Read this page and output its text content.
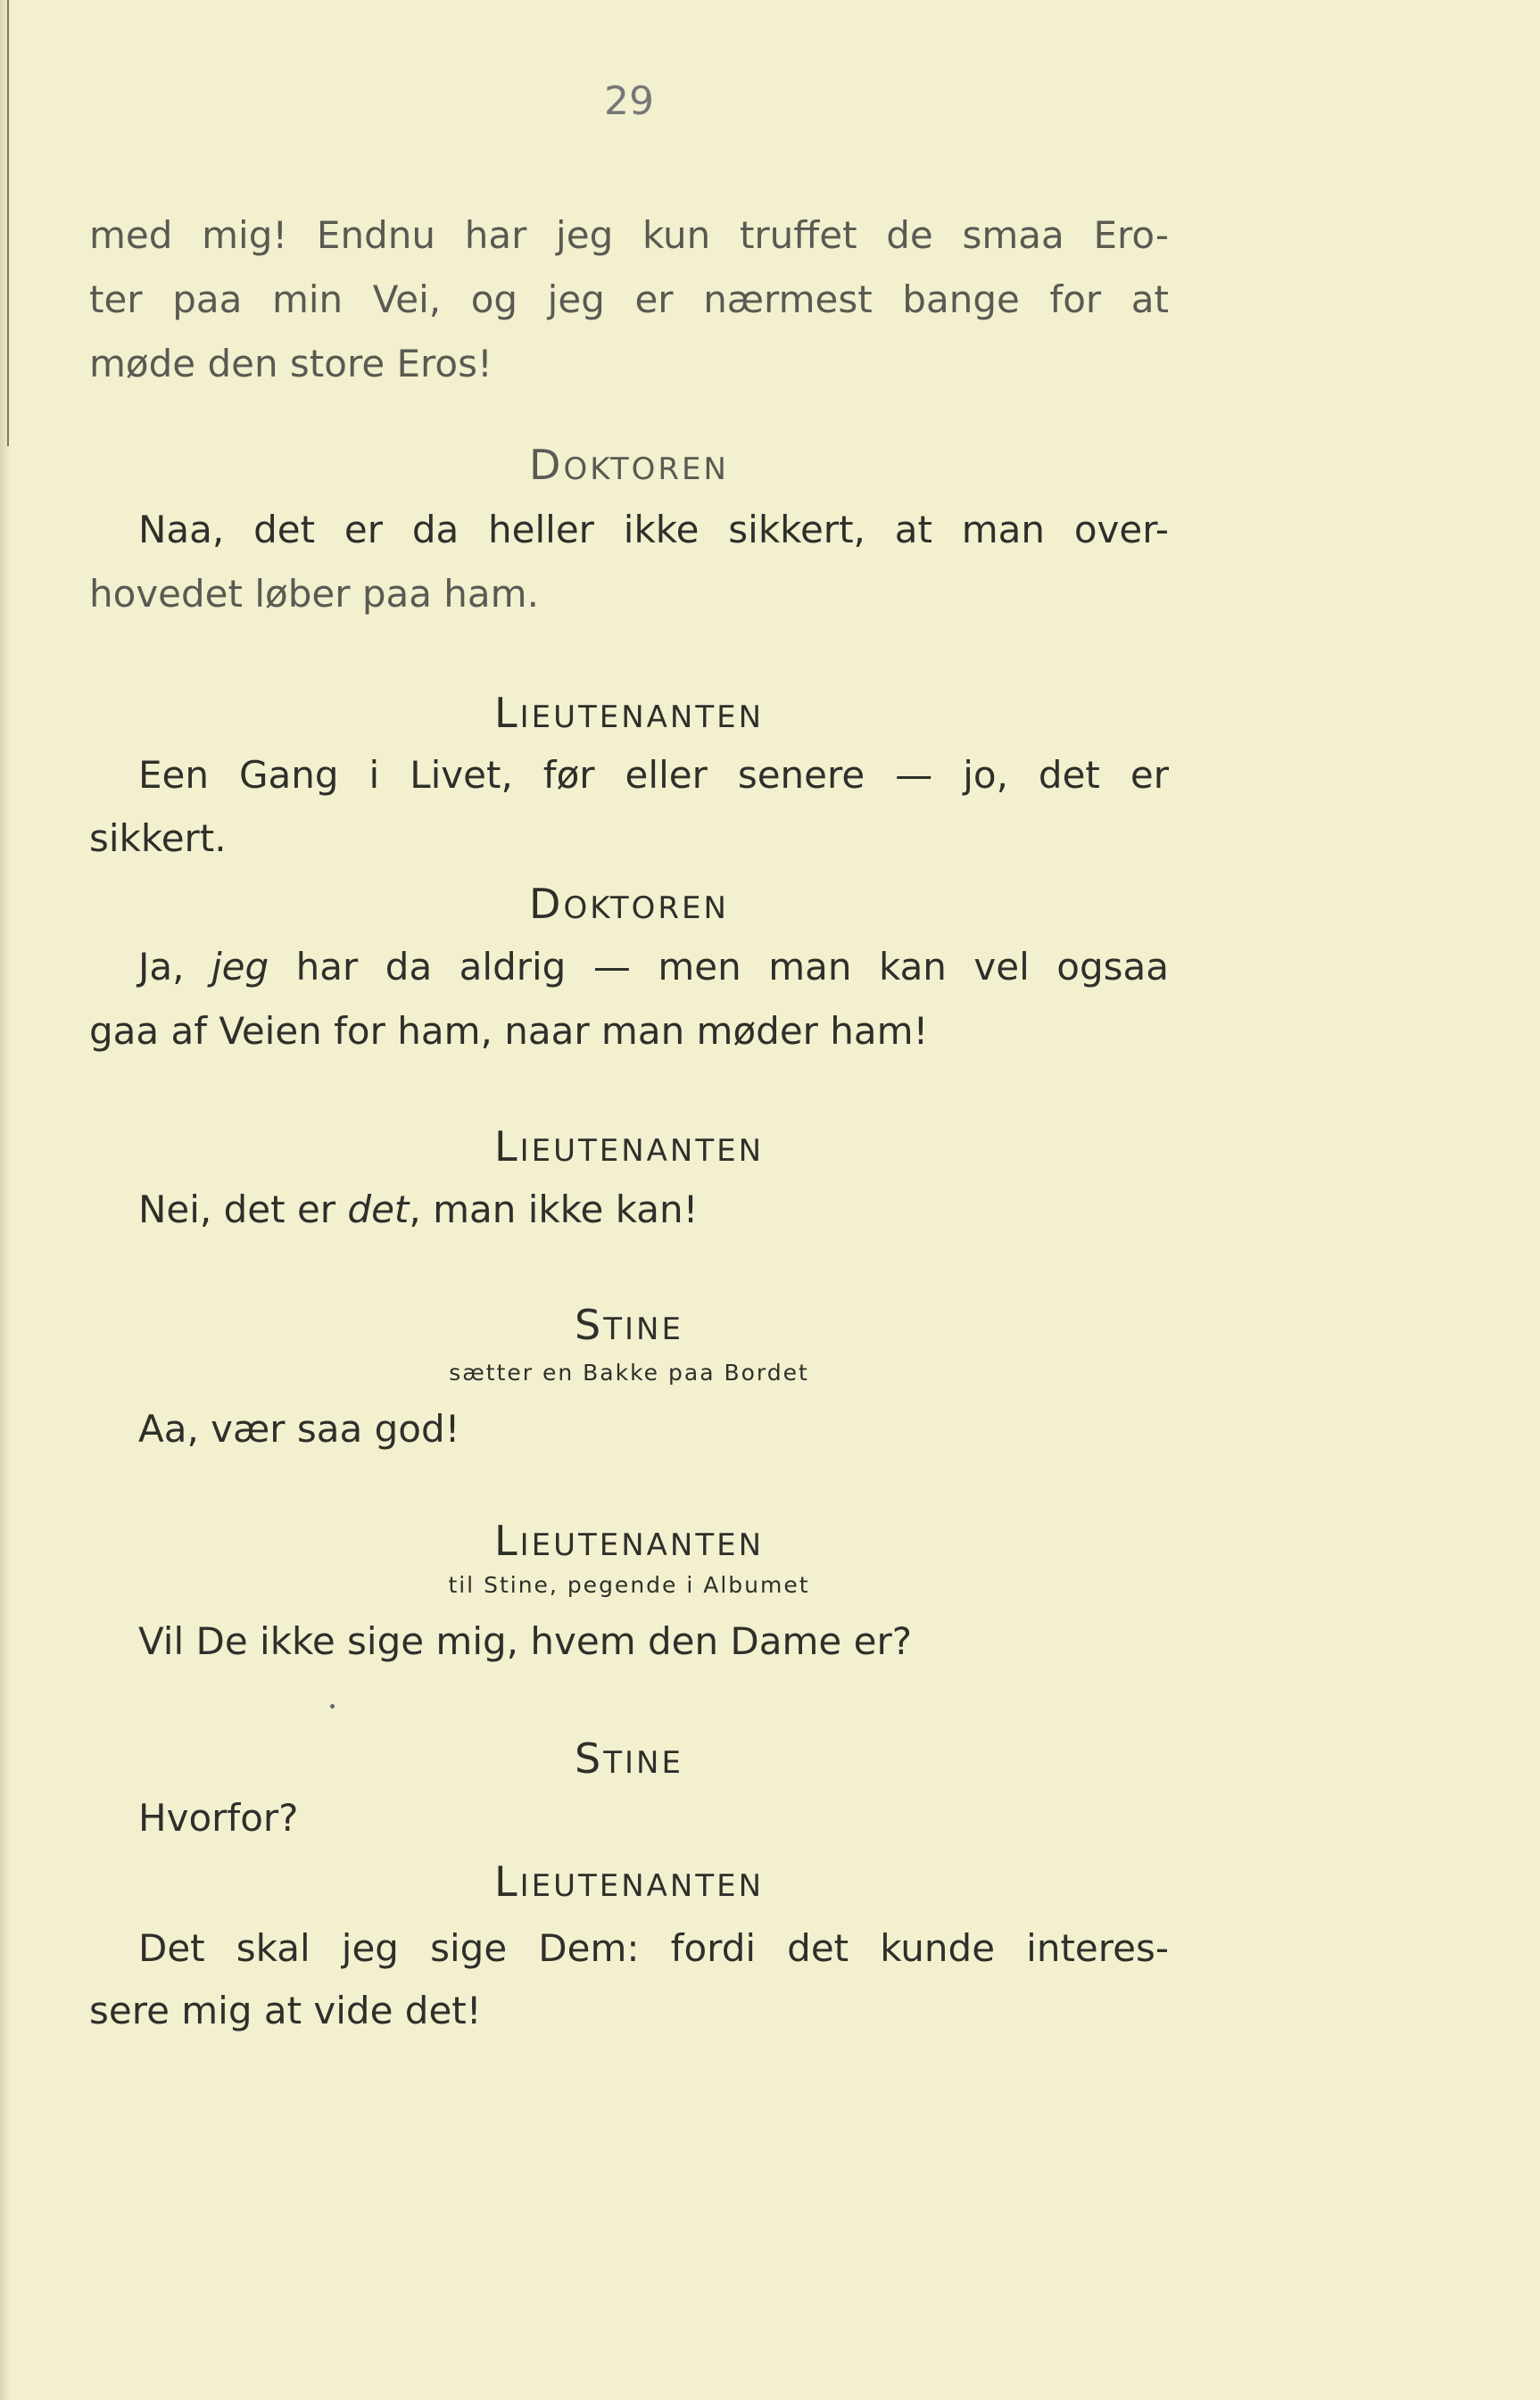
29
med mig! Endnu har jeg kun truffet de smaa Ero-
ter paa min Vei, og jeg er nærmest bange for at
møde den store Eros!
DOKTOREN
Naa, det er da heller ikke sikkert, at man over-
hovedet løber paa ham.
LIEUTENANTEN
Een Gang i Livet, før eller senere — jo, det er
sikkert.
DOKTOREN
Ja, jeg har da aldrig — men man kan vel ogsaa
gaa af Veien for ham, naar man møder ham!
LIEUTENANTEN
Nei, det er det, man ikke kan!
STINE
sætter en Bakke paa Bordet
Aa, vær saa god!
LIEUTENANTEN
til Stine, pegende i Albumet
Vil De ikke sige mig, hvem den Dame er?
STINE
Hvorfor?
LIEUTENANTEN
Det skal jeg sige Dem: fordi det kunde interes-
sere mig at vide det!
